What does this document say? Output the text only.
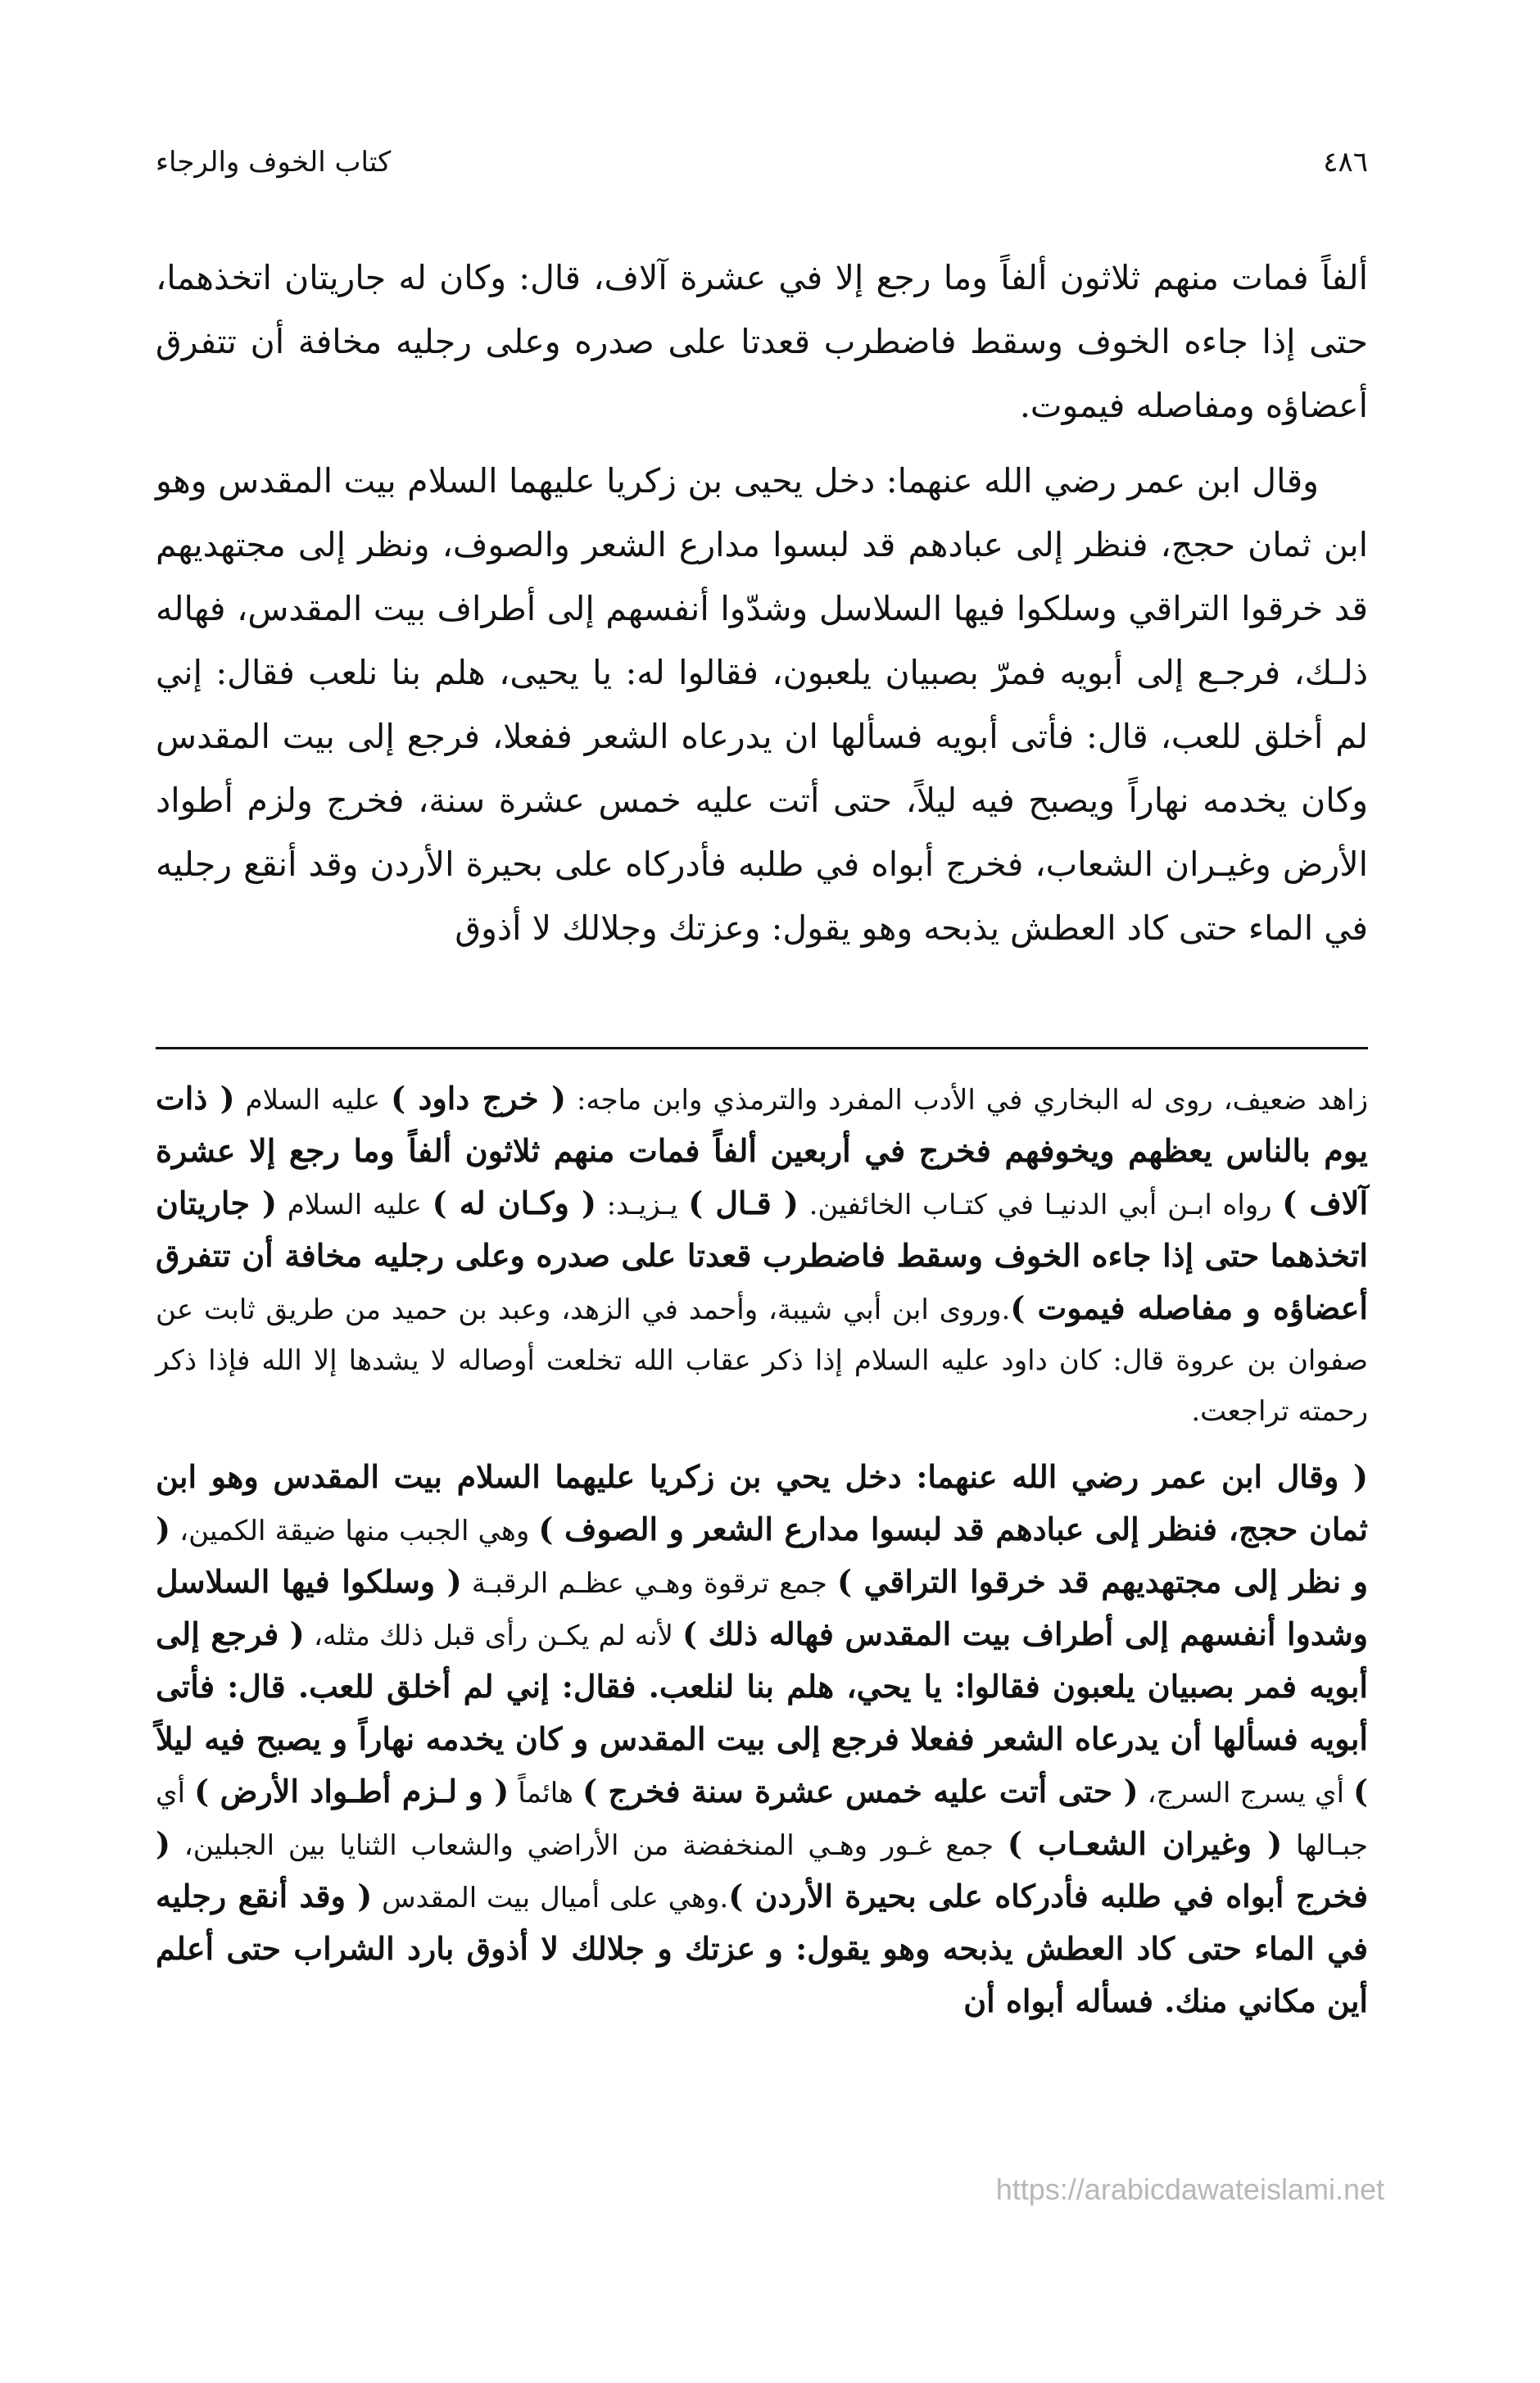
٤٨٦
كتاب الخوف والرجاء

ألفاً فمات منهم ثلاثون ألفاً وما رجع إلا في عشرة آلاف، قال: وكان له جاريتان اتخذهما، حتى إذا جاءه الخوف وسقط فاضطرب قعدتا على صدره وعلى رجليه مخافة أن تتفرق أعضاؤه ومفاصله فيموت.

وقال ابن عمر رضي الله عنهما: دخل يحيى بن زكريا عليهما السلام بيت المقدس وهو ابن ثمان حجج، فنظر إلى عبادهم قد لبسوا مدارع الشعر والصوف، ونظر إلى مجتهديهم قد خرقوا التراقي وسلكوا فيها السلاسل وشدّوا أنفسهم إلى أطراف بيت المقدس، فهاله ذلـك، فرجـع إلى أبويه فمرّ بصبيان يلعبون، فقالوا له: يا يحيى، هلم بنا نلعب فقال: إني لم أخلق للعب، قال: فأتى أبويه فسألها ان يدرعاه الشعر ففعلا، فرجع إلى بيت المقدس وكان يخدمه نهاراً ويصبح فيه ليلاً، حتى أتت عليه خمس عشرة سنة، فخرج ولزم أطواد الأرض وغيـران الشعاب، فخرج أبواه في طلبه فأدركاه على بحيرة الأردن وقد أنقع رجليه في الماء حتى كاد العطش يذبحه وهو يقول: وعزتك وجلالك لا أذوق

زاهد ضعيف، روى له البخاري في الأدب المفرد والترمذي وابن ماجه: ( خرج داود ) عليه السلام ( ذات يوم بالناس يعظهم ويخوفهم فخرج في أربعين ألفاً فمات منهم ثلاثون ألفاً وما رجع إلا عشرة آلاف ) رواه ابـن أبي الدنيـا في كتـاب الخائفين. ( قـال ) يـزيـد: ( وكـان له ) عليه السلام ( جاريتان اتخذهما حتى إذا جاءه الخوف وسقط فاضطرب قعدتا على صدره وعلى رجليه مخافة أن تتفرق أعضاؤه و مفاصله فيموت ).وروى ابن أبي شيبة، وأحمد في الزهد، وعبد بن حميد من طريق ثابت عن صفوان بن عروة قال: كان داود عليه السلام إذا ذكر عقاب الله تخلعت أوصاله لا يشدها إلا الله فإذا ذكر رحمته تراجعت.

( وقال ابن عمر رضي الله عنهما: دخل يحي بن زكريا عليهما السلام بيت المقدس وهو ابن ثمان حجج، فنظر إلى عبادهم قد لبسوا مدارع الشعر و الصوف ) وهي الجبب منها ضيقة الكمين، ( و نظر إلى مجتهديهم قد خرقوا التراقي ) جمع ترقوة وهـي عظـم الرقبـة ( وسلكوا فيها السلاسل وشدوا أنفسهم إلى أطراف بيت المقدس فهاله ذلك ) لأنه لم يكـن رأى قبل ذلك مثله، ( فرجع إلى أبويه فمر بصبيان يلعبون فقالوا: يا يحي، هلم بنا لنلعب. فقال: إني لم أخلق للعب. قال: فأتى أبويه فسألها أن يدرعاه الشعر ففعلا فرجع إلى بيت المقدس و كان يخدمه نهاراً و يصبح فيه ليلاً ) أي يسرج السرج، ( حتى أتت عليه خمس عشرة سنة فخرج ) هائماً ( و لـزم أطـواد الأرض ) أي جبـالها ( وغيران الشعـاب ) جمع غـور وهـي المنخفضة من الأراضي والشعاب الثنايا بين الجبلين، ( فخرج أبواه في طلبه فأدركاه على بحيرة الأردن ).وهي على أميال بيت المقدس ( وقد أنقع رجليه في الماء حتى كاد العطش يذبحه وهو يقول: و عزتك و جلالك لا أذوق بارد الشراب حتى أعلم أين مكاني منك. فسأله أبواه أن

https://arabicdawateislami.net
